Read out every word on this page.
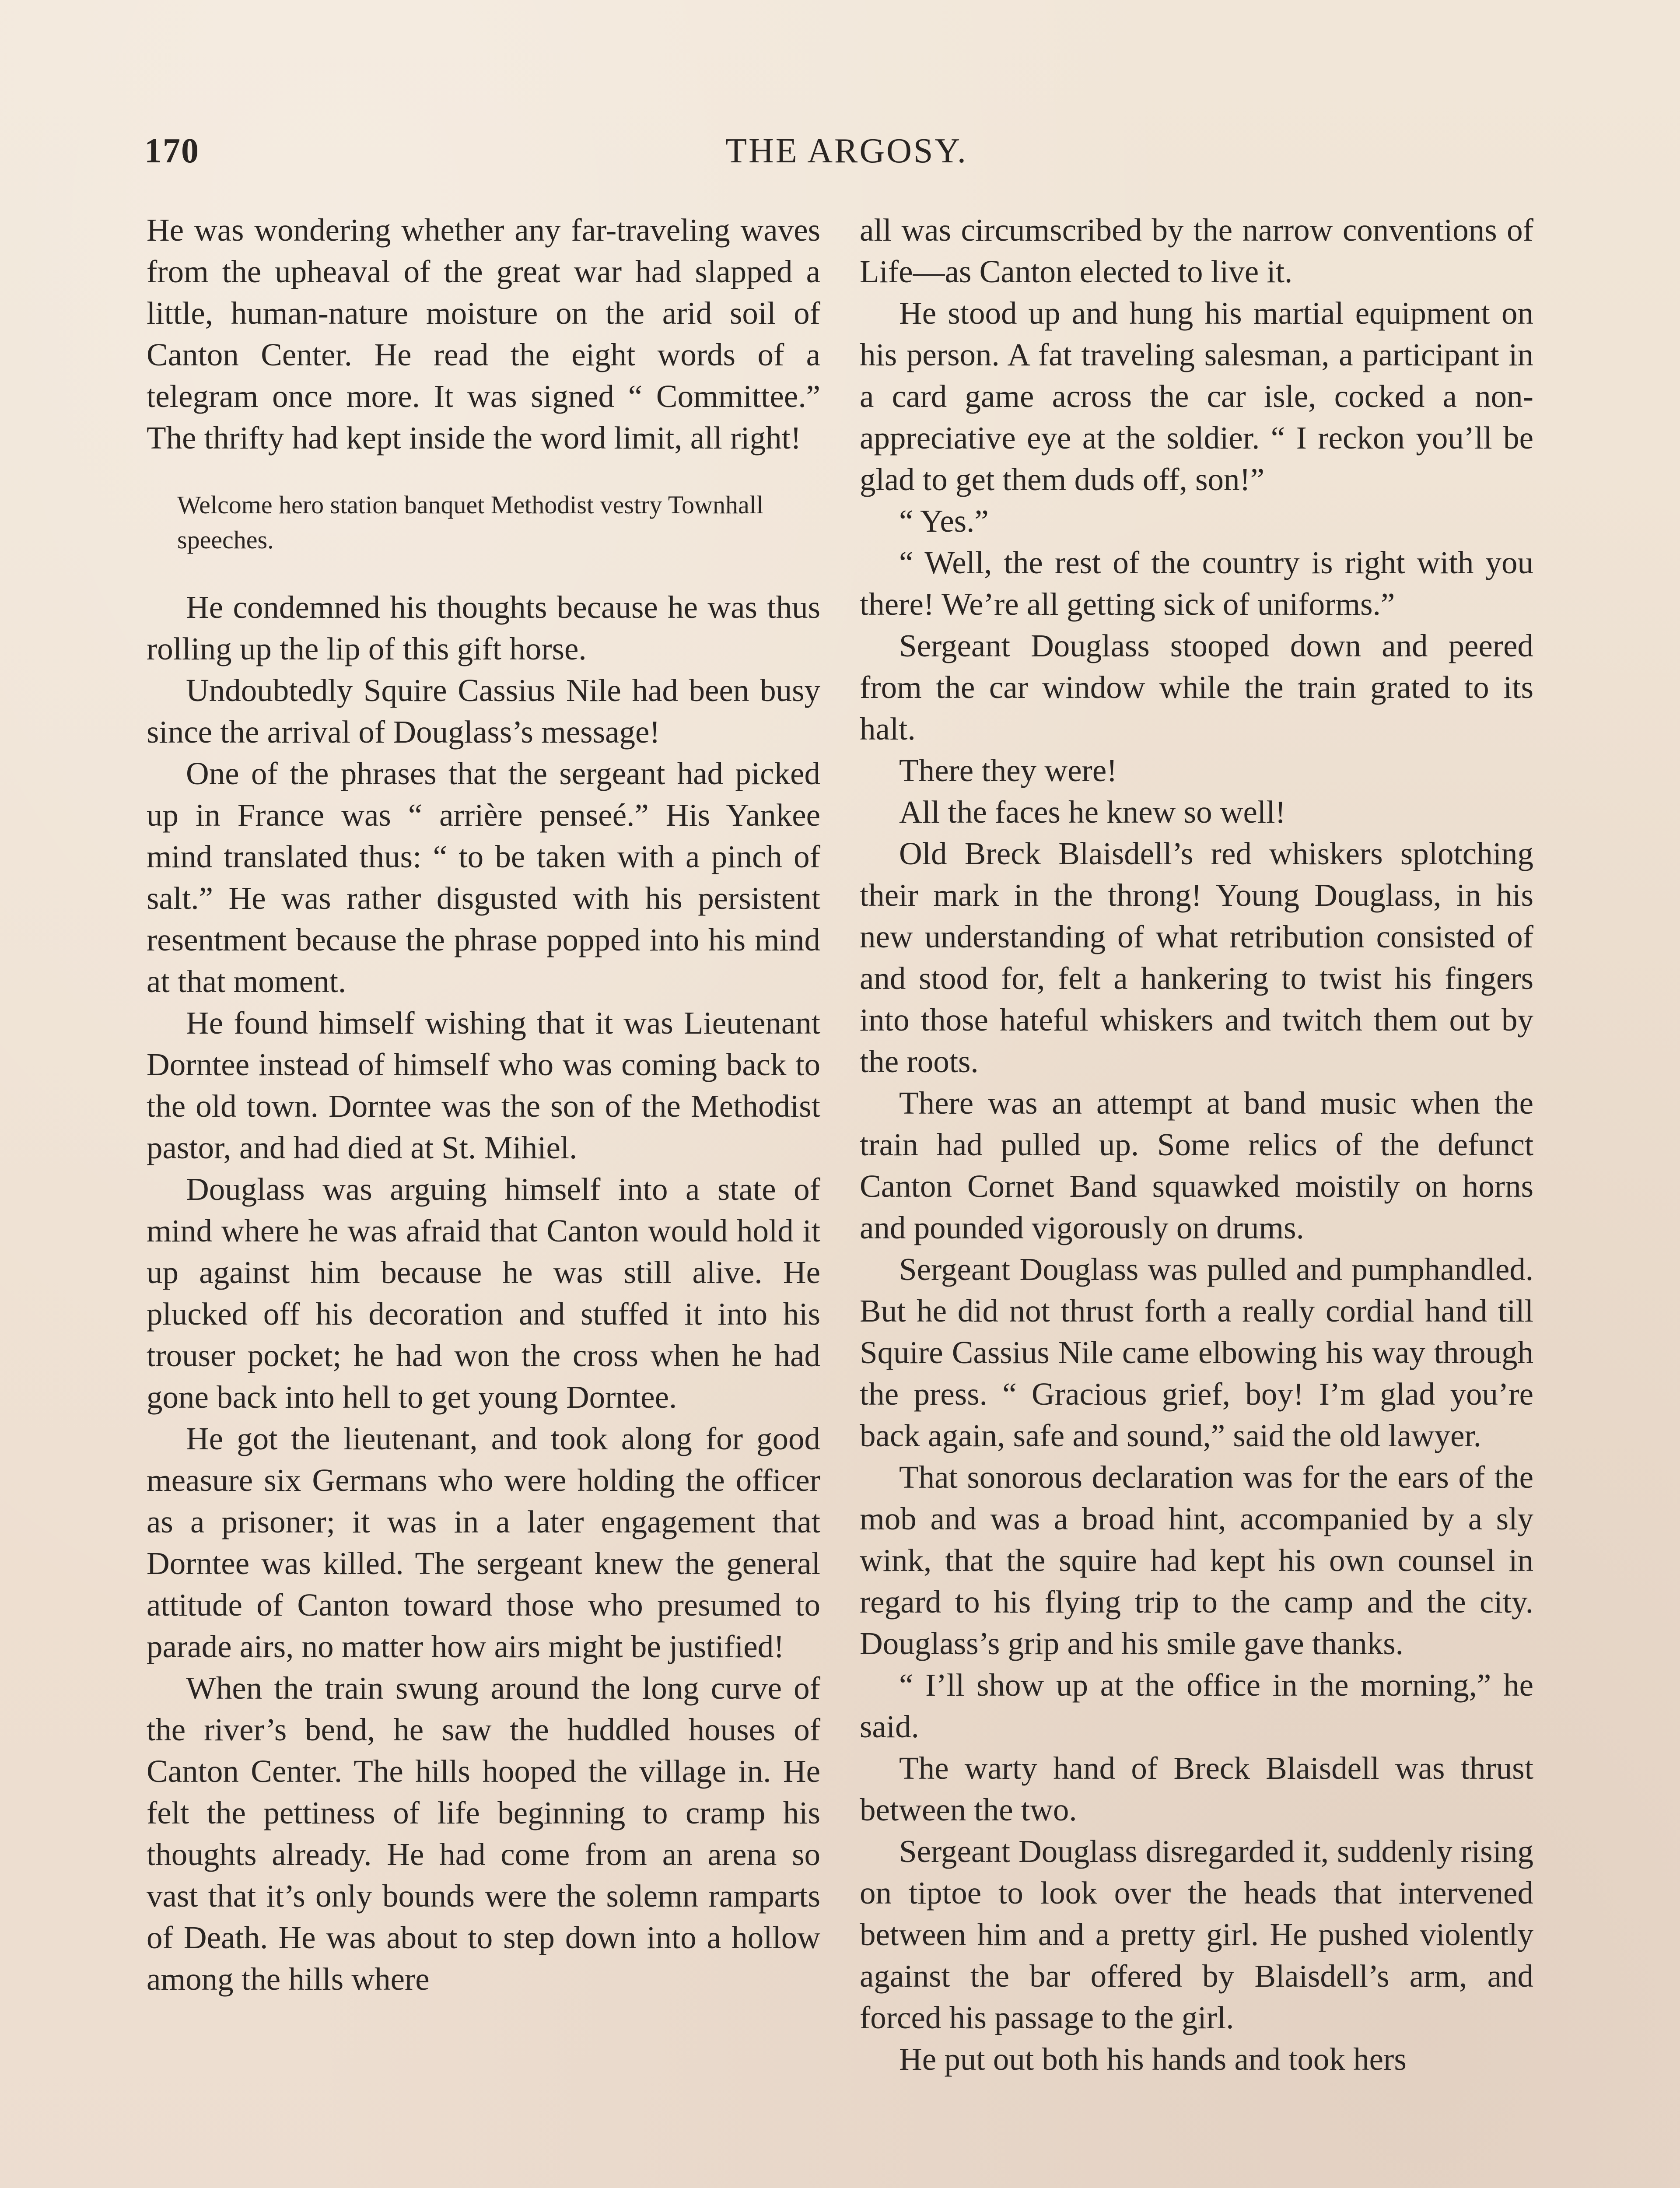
170	THE ARGOSY.

He was wondering whether any far-traveling waves from the upheaval of the great war had slapped a little, human-nature moisture on the arid soil of Canton Center. He read the eight words of a telegram once more. It was signed “ Committee.” The thrifty had kept inside the word limit, all right!

Welcome hero station banquet Methodist vestry Townhall speeches.

He condemned his thoughts because he was thus rolling up the lip of this gift horse.

Undoubtedly Squire Cassius Nile had been busy since the arrival of Douglass’s message!

One of the phrases that the sergeant had picked up in France was “ arrière penseé.” His Yankee mind translated thus: “ to be taken with a pinch of salt.” He was rather disgusted with his persistent resentment because the phrase popped into his mind at that moment.

He found himself wishing that it was Lieutenant Dorntee instead of himself who was coming back to the old town. Dorntee was the son of the Methodist pastor, and had died at St. Mihiel.

Douglass was arguing himself into a state of mind where he was afraid that Canton would hold it up against him because he was still alive. He plucked off his decoration and stuffed it into his trouser pocket; he had won the cross when he had gone back into hell to get young Dorntee.

He got the lieutenant, and took along for good measure six Germans who were holding the officer as a prisoner; it was in a later engagement that Dorntee was killed. The sergeant knew the general attitude of Canton toward those who presumed to parade airs, no matter how airs might be justified!

When the train swung around the long curve of the river’s bend, he saw the huddled houses of Canton Center. The hills hooped the village in. He felt the pettiness of life beginning to cramp his thoughts already. He had come from an arena so vast that it’s only bounds were the solemn ramparts of Death. He was about to step down into a hollow among the hills where

all was circumscribed by the narrow conventions of Life—as Canton elected to live it.

He stood up and hung his martial equipment on his person. A fat traveling salesman, a participant in a card game across the car isle, cocked a non-appreciative eye at the soldier. “ I reckon you’ll be glad to get them duds off, son!”

“ Yes.”

“ Well, the rest of the country is right with you there! We’re all getting sick of uniforms.”

Sergeant Douglass stooped down and peered from the car window while the train grated to its halt.

There they were!

All the faces he knew so well!

Old Breck Blaisdell’s red whiskers splotching their mark in the throng! Young Douglass, in his new understanding of what retribution consisted of and stood for, felt a hankering to twist his fingers into those hateful whiskers and twitch them out by the roots.

There was an attempt at band music when the train had pulled up. Some relics of the defunct Canton Cornet Band squawked moistily on horns and pounded vigorously on drums.

Sergeant Douglass was pulled and pumphandled. But he did not thrust forth a really cordial hand till Squire Cassius Nile came elbowing his way through the press. “ Gracious grief, boy! I’m glad you’re back again, safe and sound,” said the old lawyer.

That sonorous declaration was for the ears of the mob and was a broad hint, accompanied by a sly wink, that the squire had kept his own counsel in regard to his flying trip to the camp and the city. Douglass’s grip and his smile gave thanks.

“ I’ll show up at the office in the morning,” he said.

The warty hand of Breck Blaisdell was thrust between the two.

Sergeant Douglass disregarded it, suddenly rising on tiptoe to look over the heads that intervened between him and a pretty girl. He pushed violently against the bar offered by Blaisdell’s arm, and forced his passage to the girl.

He put out both his hands and took hers
